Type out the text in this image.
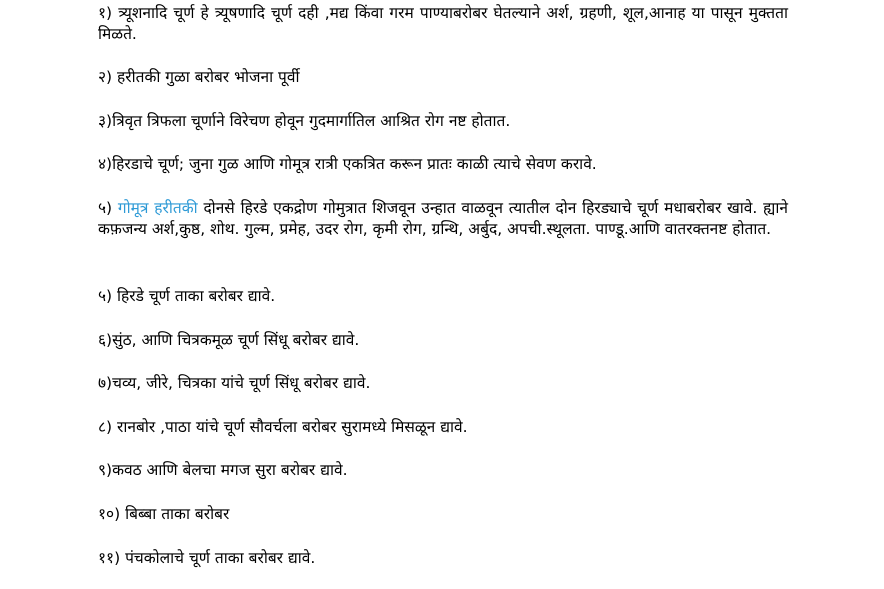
१) त्र्यूशनादि चूर्ण हे त्र्यूषणादि चूर्ण दही ,मद्य किंवा गरम पाण्याबरोबर घेतल्याने अर्श, ग्रहणी, शूल,आनाह या पासून मुक्तता मिळते.

२) हरीतकी गुळा बरोबर भोजना पूर्वी

३)त्रिवृत त्रिफला चूर्णाने विरेचण होवून गुदमार्गातिल आश्रित रोग नष्ट होतात.

४)हिरडाचे चूर्ण; जुना गुळ आणि गोमूत्र रात्री एकत्रित करून प्रातः काळी त्याचे सेवण करावे.

५) गोमूत्र हरीतकी दोनसे हिरडे एकद्रोण गोमुत्रात शिजवून उन्हात वाळवून त्यातील दोन हिरड्याचे चूर्ण मधाबरोबर खावे. ह्याने कफ़जन्य अर्श,कुष्ठ, शोथ. गुल्म, प्रमेह, उदर रोग, कृमी रोग, ग्रन्थि, अर्बुद, अपची.स्थूलता. पाण्डू.आणि वातरक्तनष्ट होतात.

५) हिरडे चूर्ण ताका बरोबर द्यावे.

६)सुंठ, आणि चित्रकमूळ चूर्ण सिंधू बरोबर द्यावे.

७)चव्य, जीरे, चित्रका यांचे चूर्ण सिंधू बरोबर द्यावे.

८) रानबोर ,पाठा यांचे चूर्ण सौवर्चला बरोबर सुरामध्ये मिसळून द्यावे.

९)कवठ आणि बेलचा मगज सुरा बरोबर द्यावे.

१०) बिब्बा ताका बरोबर

११) पंचकोलाचे चूर्ण ताका बरोबर द्यावे.
